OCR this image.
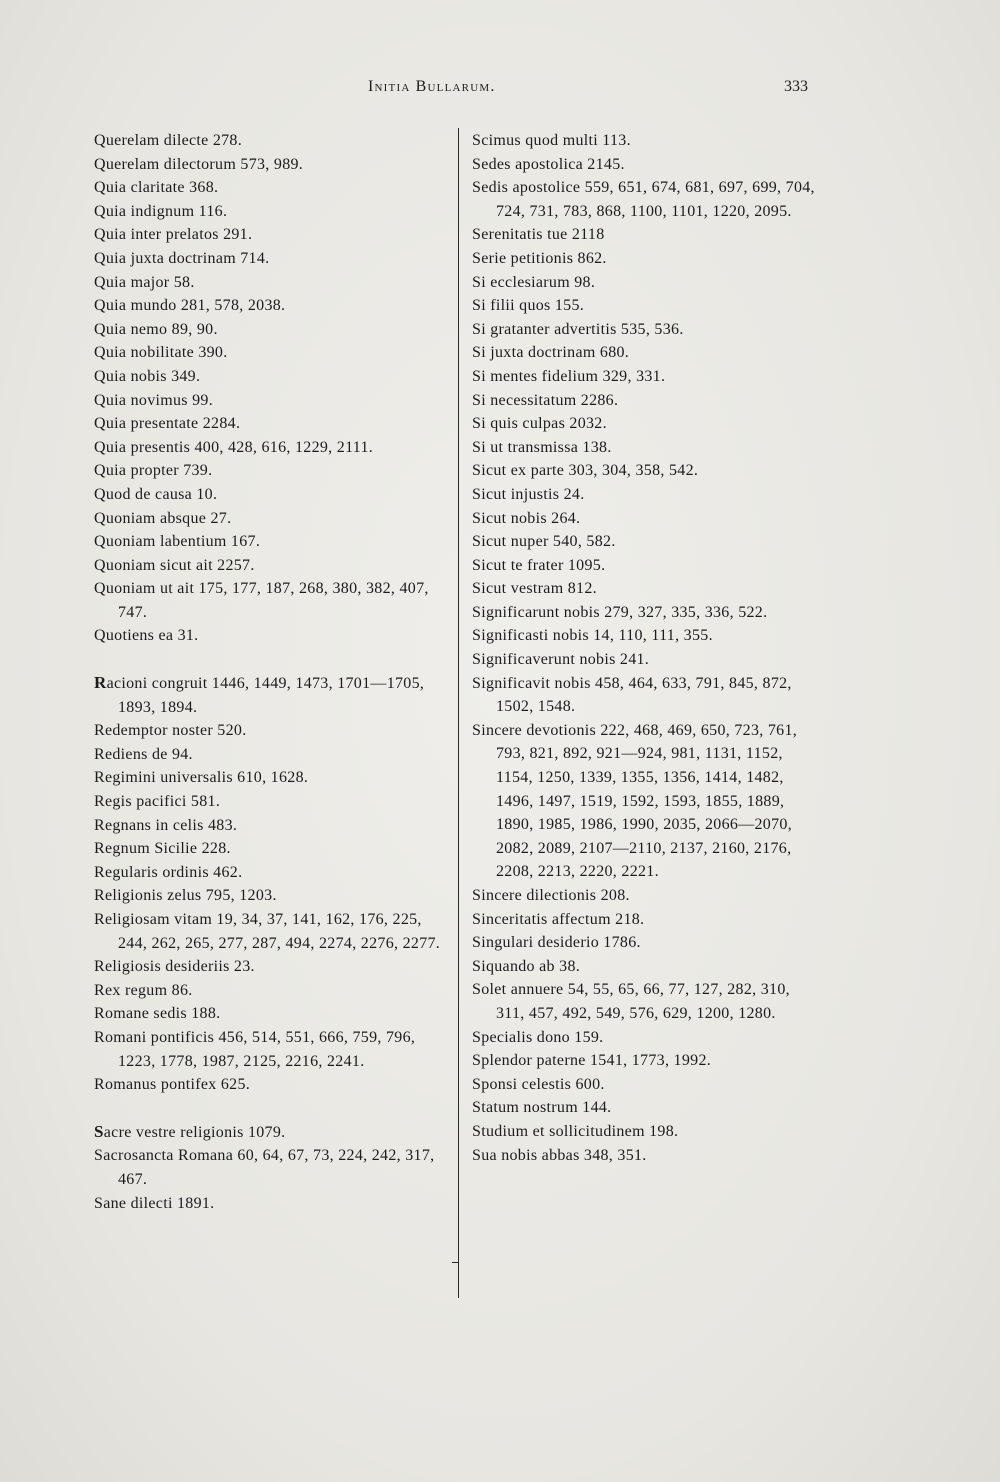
Initia Bullarum.	333
Querelam dilecte 278.
Querelam dilectorum 573, 989.
Quia claritate 368.
Quia indignum 116.
Quia inter prelatos 291.
Quia juxta doctrinam 714.
Quia major 58.
Quia mundo 281, 578, 2038.
Quia nemo 89, 90.
Quia nobilitate 390.
Quia nobis 349.
Quia novimus 99.
Quia presentate 2284.
Quia presentis 400, 428, 616, 1229, 2111.
Quia propter 739.
Quod de causa 10.
Quoniam absque 27.
Quoniam labentium 167.
Quoniam sicut ait 2257.
Quoniam ut ait 175, 177, 187, 268, 380, 382, 407, 747.
Quotiens ea 31.
Racioni congruit 1446, 1449, 1473, 1701—1705, 1893, 1894.
Redemptor noster 520.
Rediens de 94.
Regimini universalis 610, 1628.
Regis pacifici 581.
Regnans in celis 483.
Regnum Sicilie 228.
Regularis ordinis 462.
Religionis zelus 795, 1203.
Religiosam vitam 19, 34, 37, 141, 162, 176, 225, 244, 262, 265, 277, 287, 494, 2274, 2276, 2277.
Religiosis desideriis 23.
Rex regum 86.
Romane sedis 188.
Romani pontificis 456, 514, 551, 666, 759, 796, 1223, 1778, 1987, 2125, 2216, 2241.
Romanus pontifex 625.
Sacre vestre religionis 1079.
Sacrosancta Romana 60, 64, 67, 73, 224, 242, 317, 467.
Sane dilecti 1891.
Scimus quod multi 113.
Sedes apostolica 2145.
Sedis apostolice 559, 651, 674, 681, 697, 699, 704, 724, 731, 783, 868, 1100, 1101, 1220, 2095.
Serenitatis tue 2118
Serie petitionis 862.
Si ecclesiarum 98.
Si filii quos 155.
Si gratanter advertitis 535, 536.
Si juxta doctrinam 680.
Si mentes fidelium 329, 331.
Si necessitatum 2286.
Si quis culpas 2032.
Si ut transmissa 138.
Sicut ex parte 303, 304, 358, 542.
Sicut injustis 24.
Sicut nobis 264.
Sicut nuper 540, 582.
Sicut te frater 1095.
Sicut vestram 812.
Significarunt nobis 279, 327, 335, 336, 522.
Significasti nobis 14, 110, 111, 355.
Significaverunt nobis 241.
Significavit nobis 458, 464, 633, 791, 845, 872, 1502, 1548.
Sincere devotionis 222, 468, 469, 650, 723, 761, 793, 821, 892, 921—924, 981, 1131, 1152, 1154, 1250, 1339, 1355, 1356, 1414, 1482, 1496, 1497, 1519, 1592, 1593, 1855, 1889, 1890, 1985, 1986, 1990, 2035, 2066—2070, 2082, 2089, 2107—2110, 2137, 2160, 2176, 2208, 2213, 2220, 2221.
Sincere dilectionis 208.
Sinceritatis affectum 218.
Singulari desiderio 1786.
Siquando ab 38.
Solet annuere 54, 55, 65, 66, 77, 127, 282, 310, 311, 457, 492, 549, 576, 629, 1200, 1280.
Specialis dono 159.
Splendor paterne 1541, 1773, 1992.
Sponsi celestis 600.
Statum nostrum 144.
Studium et sollicitudinem 198.
Sua nobis abbas 348, 351.
